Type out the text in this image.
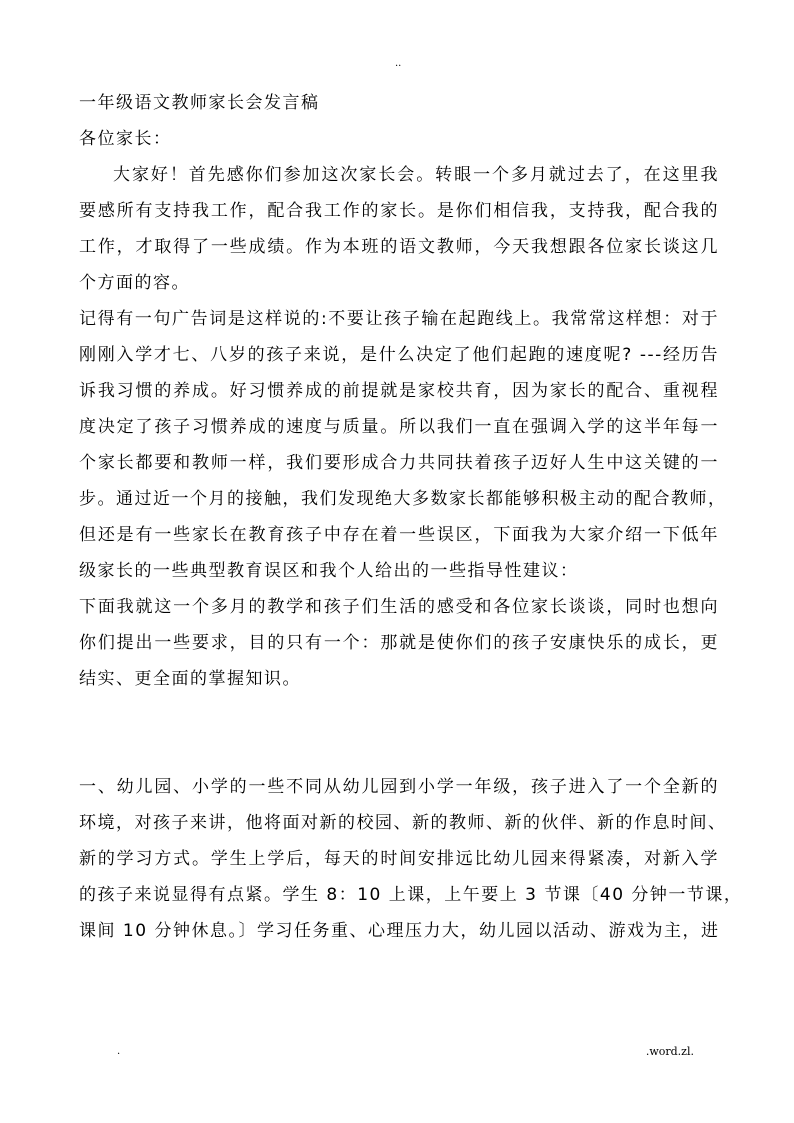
..
一年级语文教师家长会发言稿
各位家长：
大家好！首先感你们参加这次家长会。转眼一个多月就过去了，在这里我
要感所有支持我工作，配合我工作的家长。是你们相信我，支持我，配合我的
工作，才取得了一些成绩。作为本班的语文教师，今天我想跟各位家长谈这几
个方面的容。
记得有一句广告词是这样说的:不要让孩子输在起跑线上。我常常这样想：对于
刚刚入学才七、八岁的孩子来说，是什么决定了他们起跑的速度呢? ---经历告
诉我习惯的养成。好习惯养成的前提就是家校共育，因为家长的配合、重视程
度决定了孩子习惯养成的速度与质量。所以我们一直在强调入学的这半年每一
个家长都要和教师一样，我们要形成合力共同扶着孩子迈好人生中这关键的一
步。通过近一个月的接触，我们发现绝大多数家长都能够积极主动的配合教师，
但还是有一些家长在教育孩子中存在着一些误区，下面我为大家介绍一下低年
级家长的一些典型教育误区和我个人给出的一些指导性建议：
下面我就这一个多月的教学和孩子们生活的感受和各位家长谈谈，同时也想向
你们提出一些要求，目的只有一个：那就是使你们的孩子安康快乐的成长，更
结实、更全面的掌握知识。
一、幼儿园、小学的一些不同从幼儿园到小学一年级，孩子进入了一个全新的
环境，对孩子来讲，他将面对新的校园、新的教师、新的伙伴、新的作息时间、
新的学习方式。学生上学后，每天的时间安排远比幼儿园来得紧凑，对新入学
的孩子来说显得有点紧。学生 8：10 上课，上午要上 3 节课〔40 分钟一节课，
课间 10 分钟休息。〕学习任务重、心理压力大，幼儿园以活动、游戏为主，进
.	.word.zl.
